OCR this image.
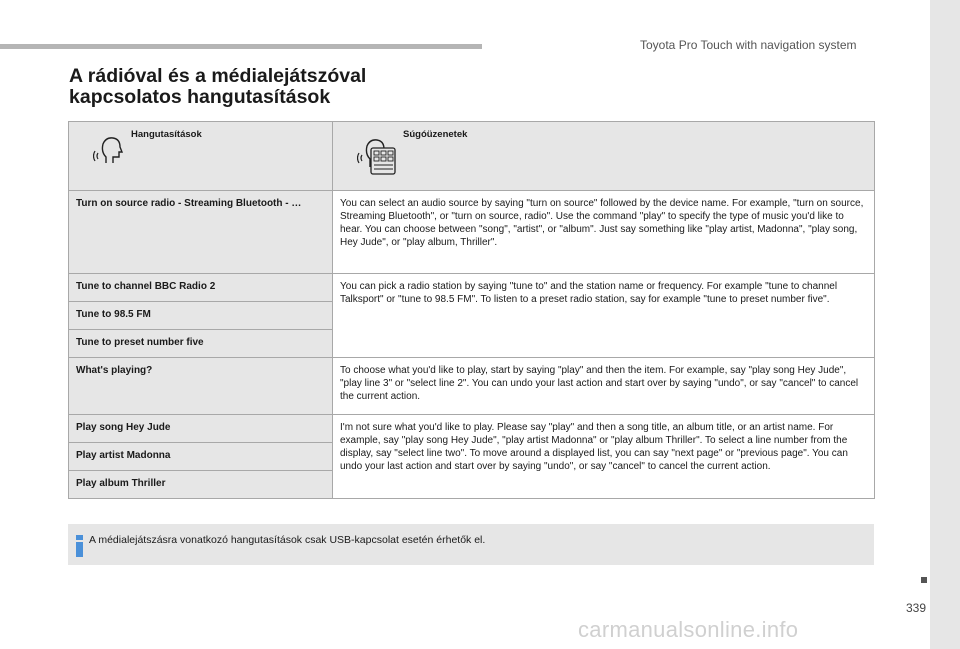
Toyota Pro Touch with navigation system
A rádióval és a médialejátszóval
kapcsolatos hangutasítások
Hangutasítások	Súgóüzenetek

Turn on source radio - Streaming Bluetooth - …	You can select an audio source by saying "turn on source" followed by the device name. For example, "turn on source, Streaming Bluetooth", or "turn on source, radio". Use the command "play" to specify the type of music you'd like to hear. You can choose between "song", "artist", or "album". Just say something like "play artist, Madonna", "play song, Hey Jude", or "play album, Thriller".
Tune to channel BBC Radio 2	You can pick a radio station by saying "tune to" and the station name or frequency. For example "tune to channel Talksport" or "tune to 98.5 FM". To listen to a preset radio station, say for example "tune to preset number five".
Tune to 98.5 FM	
Tune to preset number five	
What's playing?	To choose what you'd like to play, start by saying "play" and then the item. For example, say "play song Hey Jude", "play line 3" or "select line 2". You can undo your last action and start over by saying "undo", or say "cancel" to cancel the current action.
Play song Hey Jude	I'm not sure what you'd like to play. Please say "play" and then a song title, an album title, or an artist name. For example, say "play song Hey Jude", "play artist Madonna" or "play album Thriller". To select a line number from the display, say "select line two". To move around a displayed list, you can say "next page" or "previous page". You can undo your last action and start over by saying "undo", or say "cancel" to cancel the current action.
Play artist Madonna	
Play album Thriller	
A médialejátszásra vonatkozó hangutasítások csak USB-kapcsolat esetén érhetők el.
339
carmanualsonline.info
